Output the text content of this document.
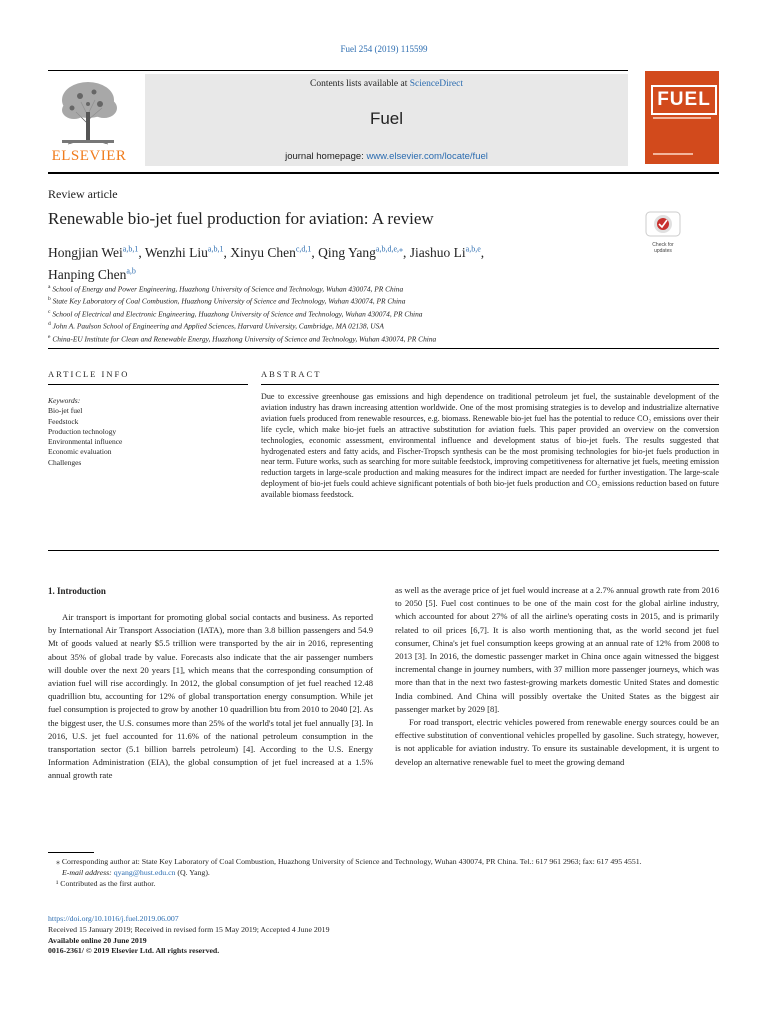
Fuel 254 (2019) 115599
ELSEVIER
Contents lists available at ScienceDirect
Fuel
journal homepage: www.elsevier.com/locate/fuel
FUEL
Review article
Renewable bio-jet fuel production for aviation: A review
Check for updates
Hongjian Wei$^{a,b,1}$, Wenzhi Liu$^{a,b,1}$, Xinyu Chen$^{c,d,1}$, Qing Yang$^{a,b,d,e,⁎}$, Jiashuo Li$^{a,b,e}$,
Hanping Chen$^{a,b}$
$^a$ School of Energy and Power Engineering, Huazhong University of Science and Technology, Wuhan 430074, PR China
$^b$ State Key Laboratory of Coal Combustion, Huazhong University of Science and Technology, Wuhan 430074, PR China
$^c$ School of Electrical and Electronic Engineering, Huazhong University of Science and Technology, Wuhan 430074, PR China
$^d$ John A. Paulson School of Engineering and Applied Sciences, Harvard University, Cambridge, MA 02138, USA
$^e$ China-EU Institute for Clean and Renewable Energy, Huazhong University of Science and Technology, Wuhan 430074, PR China
ARTICLE INFO
Keywords:
Bio-jet fuel
Feedstock
Production technology
Environmental influence
Economic evaluation
Challenges
ABSTRACT
Due to excessive greenhouse gas emissions and high dependence on traditional petroleum jet fuel, the sustainable development of the aviation industry has drawn increasing attention worldwide. One of the most promising strategies is to develop and industrialize alternative aviation fuels produced from renewable resources, e.g. biomass. Renewable bio-jet fuel has the potential to reduce CO₂ emissions over their life cycle, which make bio-jet fuels an attractive substitution for aviation fuels. This paper provided an overview on the conversion technologies, economic assessment, environmental influence and development status of bio-jet fuels. The results suggested that hydrogenated esters and fatty acids, and Fischer-Tropsch synthesis can be the most promising technologies for bio-jet fuels production in near term. Future works, such as searching for more suitable feedstock, improving competitiveness for alternative jet fuels, meeting emission reduction targets in large-scale production and making measures for the indirect impact are needed for further investigation. The large-scale deployment of bio-jet fuels could achieve significant potentials of both bio-jet fuels production and CO₂ emissions reduction based on future available biomass feedstock.
1. Introduction

Air transport is important for promoting global social contacts and business. As reported by International Air Transport Association (IATA), more than 3.8 billion passengers and 54.9 Mt of goods valued at nearly $5.5 trillion were transported by the air in 2016, representing about 35% of global trade by value. Forecasts also indicate that the air passenger numbers will double over the next 20 years [1], which means that the corresponding consumption of aviation fuel will rise accordingly. In 2012, the global consumption of jet fuel reached 12.48 quadrillion btu, accounting for 12% of global transportation energy consumption. While jet fuel consumption is projected to grow by another 10 quadrillion btu from 2010 to 2040 [2]. As the biggest user, the U.S. consumes more than 25% of the world's total jet fuel annually [3]. In 2016, U.S. jet fuel accounted for 11.6% of the national petroleum consumption in the transportation sector (5.1 billion barrels petroleum) [4]. According to the U.S. Energy Information Administration (EIA), the global consumption of jet fuel increased at a 1.5% annual growth rate

as well as the average price of jet fuel would increase at a 2.7% annual growth rate from 2016 to 2050 [5]. Fuel cost continues to be one of the main cost for the global airline industry, which accounted for about 27% of all the airline's operating costs in 2015, and is primarily related to oil prices [6,7]. It is also worth mentioning that, as the world second jet fuel consumer, China's jet fuel consumption keeps growing at an annual rate of 12% from 2008 to 2013 [3]. In 2016, the domestic passenger market in China once again witnessed the biggest incremental change in journey numbers, with 37 million more passenger journeys, which was more than that in the next two fastest-growing markets domestic United States and domestic India combined. And China will possibly overtake the United States as the biggest air passenger market by 2029 [8].

For road transport, electric vehicles powered from renewable energy sources could be an effective substitution of conventional vehicles propelled by gasoline. Such strategy, however, is not applicable for aviation industry. To ensure its sustainable development, it is urgent to develop an alternative renewable fuel to meet the growing demand

⁎ Corresponding author at: State Key Laboratory of Coal Combustion, Huazhong University of Science and Technology, Wuhan 430074, PR China. Tel.: 617 961 2963; fax: 617 495 4551.
E-mail address: qyang@hust.edu.cn (Q. Yang).
¹ Contributed as the first author.
https://doi.org/10.1016/j.fuel.2019.06.007
Received 15 January 2019; Received in revised form 15 May 2019; Accepted 4 June 2019
Available online 20 June 2019
0016-2361/ © 2019 Elsevier Ltd. All rights reserved.
